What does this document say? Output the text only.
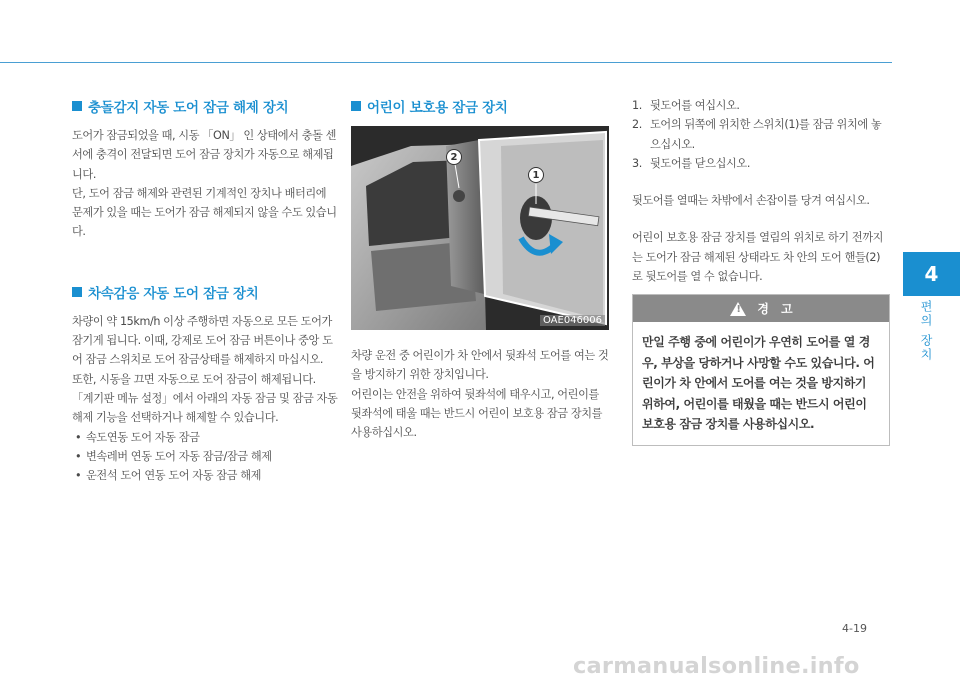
충돌감지 자동 도어 잠금 해제 장치

도어가 잠금되었을 때, 시동 「ON」 인 상태에서 충돌 센서에 충격이 전달되면 도어 잠금 장치가 자동으로 해제됩니다.

단, 도어 잠금 해제와 관련된 기계적인 장치나 배터리에 문제가 있을 때는 도어가 잠금 해제되지 않을 수도 있습니다.

차속감응 자동 도어 잠금 장치

차량이 약 15km/h 이상 주행하면 자동으로 모든 도어가 잠기게 됩니다. 이때, 강제로 도어 잠금 버튼이나 중앙 도어 잠금 스위치로 도어 잠금상태를 해제하지 마십시오.

또한, 시동을 끄면 자동으로 도어 잠금이 해제됩니다.

「계기판 메뉴 설정」에서 아래의 자동 잠금 및 잠금 자동 해제 기능을 선택하거나 해제할 수 있습니다.

• 속도연동 도어 자동 잠금
• 변속레버 연동 도어 자동 잠금/잠금 해제
• 운전석 도어 연동 도어 자동 잠금 해제
어린이 보호용 잠금 장치
1
2
OAE046006

차량 운전 중 어린이가 차 안에서 뒷좌석 도어를 여는 것을 방지하기 위한 장치입니다.

어린이는 안전을 위하여 뒷좌석에 태우시고, 어린이를 뒷좌석에 태울 때는 반드시 어린이 보호용 잠금 장치를 사용하십시오.

1. 뒷도어를 여십시오.
2. 도어의 뒤쪽에 위치한 스위치(1)를 잠금 위치에 놓으십시오.
3. 뒷도어를 닫으십시오.

뒷도어를 열때는 차밖에서 손잡이를 당겨 여십시오.

어린이 보호용 잠금 장치를 열림의 위치로 하기 전까지는 도어가 잠금 해제된 상태라도 차 안의 도어 핸들(2)로 뒷도어를 열 수 없습니다.

경고
만일 주행 중에 어린이가 우연히 도어를 열 경우, 부상을 당하거나 사망할 수도 있습니다. 어린이가 차 안에서 도어를 여는 것을 방지하기 위하여, 어린이를 태웠을 때는 반드시 어린이 보호용 잠금 장치를 사용하십시오.
4
편의 장치
4-19
carmanualsonline.info
